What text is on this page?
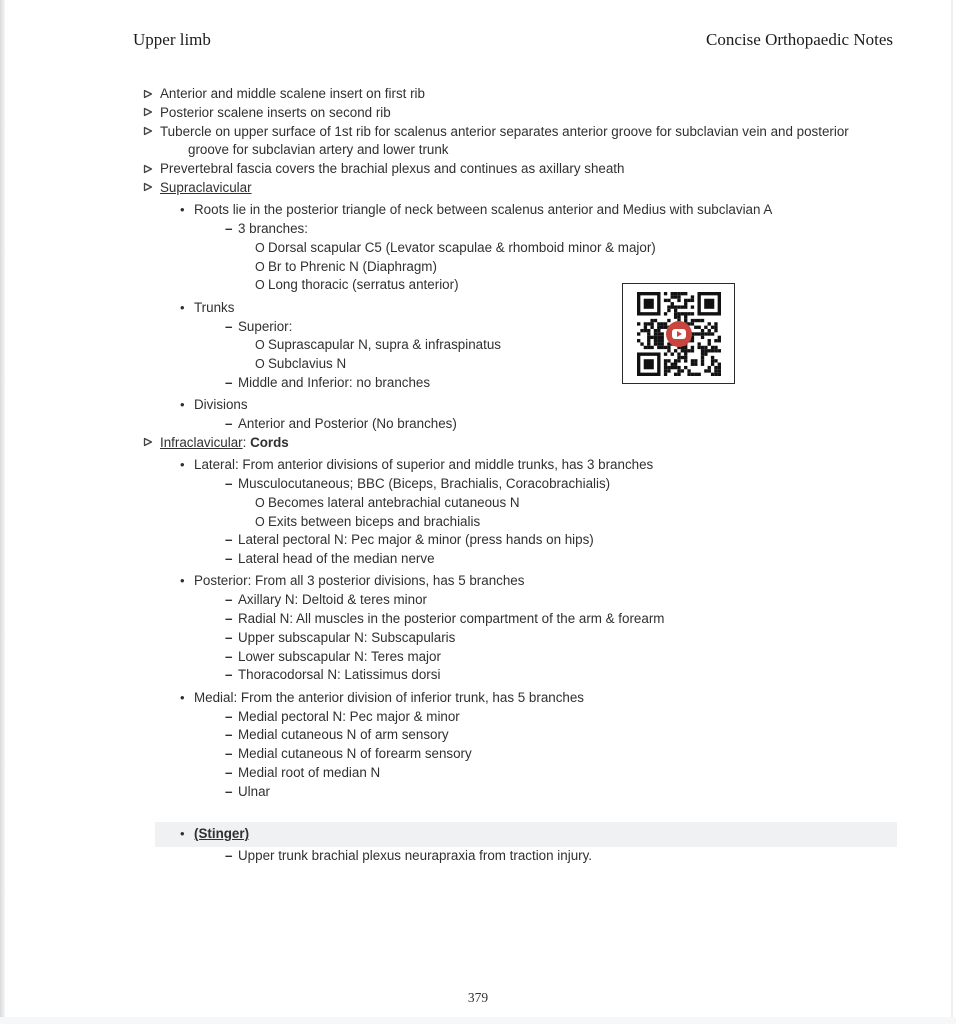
Upper limb	Concise Orthopaedic Notes
Anterior and middle scalene insert on first rib
Posterior scalene inserts on second rib
Tubercle on upper surface of 1st rib for scalenus anterior separates anterior groove for subclavian vein and posterior
groove for subclavian artery and lower trunk
Prevertebral fascia covers the brachial plexus and continues as axillary sheath
Supraclavicular
• Roots lie in the posterior triangle of neck between scalenus anterior and Medius with subclavian A
– 3 branches:
O Dorsal scapular C5 (Levator scapulae & rhomboid minor & major)
O Br to Phrenic N (Diaphragm)
O Long thoracic (serratus anterior)
• Trunks
– Superior:
O Suprascapular N, supra & infraspinatus
O Subclavius N
– Middle and Inferior: no branches
• Divisions
– Anterior and Posterior (No branches)
Infraclavicular: Cords
• Lateral: From anterior divisions of superior and middle trunks, has 3 branches
– Musculocutaneous; BBC (Biceps, Brachialis, Coracobrachialis)
O Becomes lateral antebrachial cutaneous N
O Exits between biceps and brachialis
– Lateral pectoral N: Pec major & minor (press hands on hips)
– Lateral head of the median nerve
• Posterior: From all 3 posterior divisions, has 5 branches
– Axillary N: Deltoid & teres minor
– Radial N: All muscles in the posterior compartment of the arm & forearm
– Upper subscapular N: Subscapularis
– Lower subscapular N: Teres major
– Thoracodorsal N: Latissimus dorsi
• Medial: From the anterior division of inferior trunk, has 5 branches
– Medial pectoral N: Pec major & minor
– Medial cutaneous N of arm sensory
– Medial cutaneous N of forearm sensory
– Medial root of median N
– Ulnar
• (Stinger)
– Upper trunk brachial plexus neurapraxia from traction injury.
379
